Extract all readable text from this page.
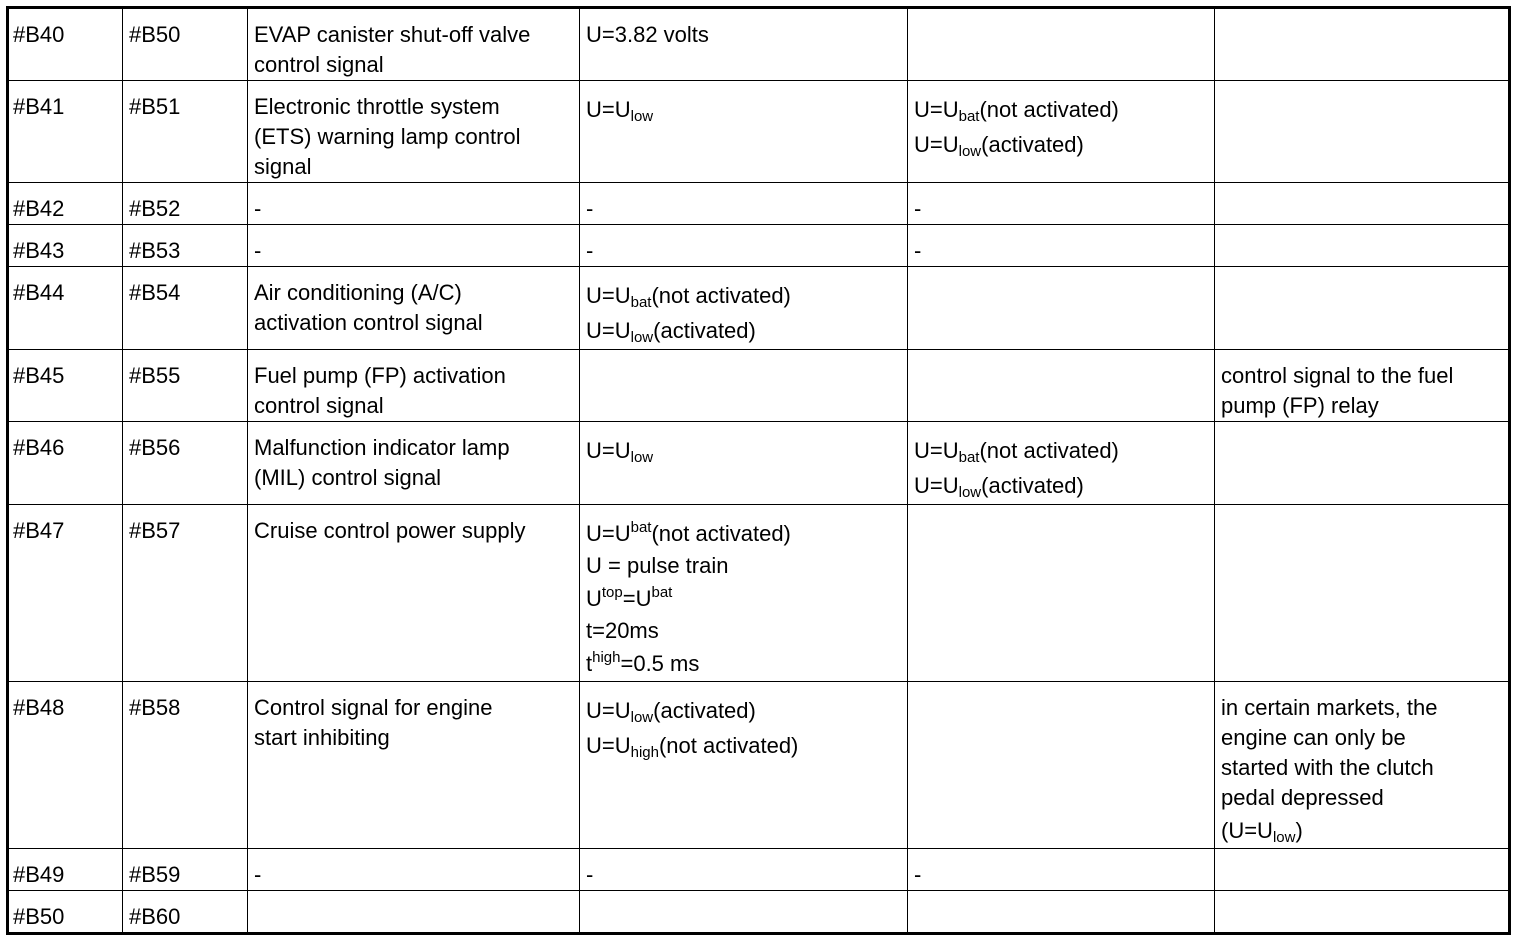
#B40	#B50	EVAP canister shut-off valve
control signal	U=3.82 volts		

#B41	#B51	Electronic throttle system
(ETS) warning lamp control
signal	$U=U_{low}$	$U=U_{bat}(not$ activated)
$U=U_{low}(activated)$	

#B42	#B52	-	-	-	

#B43	#B53	-	-	-	

#B44	#B54	Air conditioning (A/C)
activation control signal	$U=U_{bat}(not$ activated)
$U=U_{low}(activated)$		

#B45	#B55	Fuel pump (FP) activation
control signal			control signal to the fuel
pump (FP) relay

#B46	#B56	Malfunction indicator lamp
(MIL) control signal	$U=U_{low}$	$U=U_{bat}(not$ activated)
$U=U_{low}(activated)$	

#B47	#B57	Cruise control power supply	$U=U^{bat}(not$ activated)
U = pulse train
$U^{top}=U^{bat}$
t=20ms
$t^{high}=0.5$ ms		

#B48	#B58	Control signal for engine
start inhibiting	$U=U_{low}(activated)$
$U=U_{high}(not$ activated)		in certain markets, the
engine can only be
started with the clutch
pedal depressed
$(U=U_{low})$

#B49	#B59	-	-	-	

#B50	#B60				
